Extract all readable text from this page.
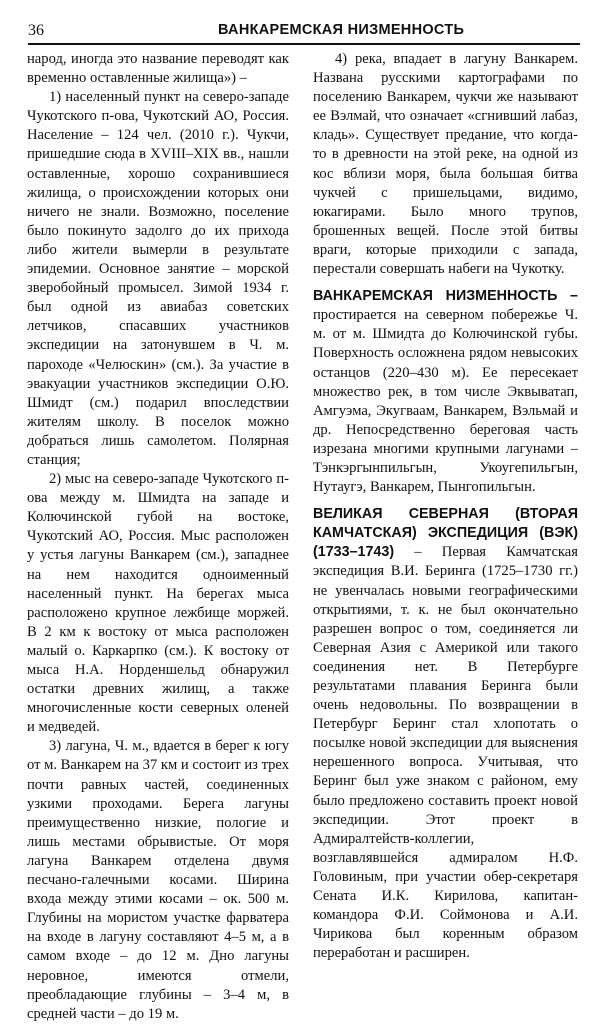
36	ВАНКАРЕМСКАЯ НИЗМЕННОСТЬ

народ, иногда это название переводят как временно оставленные жилища») –

1) населенный пункт на северо-западе Чукотского п-ова, Чукотский АО, Россия. Население – 124 чел. (2010 г.). Чукчи, пришедшие сюда в XVIII–XIX вв., нашли оставленные, хорошо сохранившиеся жилища, о происхождении которых они ничего не знали. Возможно, поселение было покинуто задолго до их прихода либо жители вымерли в результате эпидемии. Основное занятие – морской зверобойный промысел. Зимой 1934 г. был одной из авиабаз советских летчиков, спасавших участников экспедиции на затонувшем в Ч. м. пароходе «Челюскин» (см.). За участие в эвакуации участников экспедиции О.Ю. Шмидт (см.) подарил впоследствии жителям школу. В поселок можно добраться лишь самолетом. Полярная станция;

2) мыс на северо-западе Чукотского п-ова между м. Шмидта на западе и Колючинской губой на востоке, Чукотский АО, Россия. Мыс расположен у устья лагуны Ванкарем (см.), западнее на нем находится одноименный населенный пункт. На берегах мыса расположено крупное лежбище моржей. В 2 км к востоку от мыса расположен малый о. Каркарпко (см.). К востоку от мыса Н.А. Норденшельд обнаружил остатки древних жилищ, а также многочисленные кости северных оленей и медведей.

3) лагуна, Ч. м., вдается в берег к югу от м. Ванкарем на 37 км и состоит из трех почти равных частей, соединенных узкими проходами. Берега лагуны преимущественно низкие, пологие и лишь местами обрывистые. От моря лагуна Ванкарем отделена двумя песчано-галечными косами. Ширина входа между этими косами – ок. 500 м. Глубины на мористом участке фарватера на входе в лагуну составляют 4–5 м, а в самом входе – до 12 м. Дно лагуны неровное, имеются отмели, преобладающие глубины – 3–4 м, в средней части – до 19 м.

4) река, впадает в лагуну Ванкарем. Названа русскими картографами по поселению Ванкарем, чукчи же называют ее Вэлмай, что означает «сгнивший лабаз, кладь». Существует предание, что когда-то в древности на этой реке, на одной из кос вблизи моря, была большая битва чукчей с пришельцами, видимо, юкагирами. Было много трупов, брошенных вещей. После этой битвы враги, которые приходили с запада, перестали совершать набеги на Чукотку.

ВАНКАРЕМСКАЯ НИЗМЕННОСТЬ – простирается на северном побережье Ч. м. от м. Шмидта до Колючинской губы. Поверхность осложнена рядом невысоких останцов (220–430 м). Ее пересекает множество рек, в том числе Эквыватап, Амгуэма, Экугваам, Ванкарем, Вэльмай и др. Непосредственно береговая часть изрезана многими крупными лагунами – Тэнкэргынпильгын, Укоугепильгын, Нутаугэ, Ванкарем, Пынгопильгын.

ВЕЛИКАЯ СЕВЕРНАЯ (ВТОРАЯ КАМЧАТСКАЯ) ЭКСПЕДИЦИЯ (ВЭК) (1733–1743) – Первая Камчатская экспедиция В.И. Беринга (1725–1730 гг.) не увенчалась новыми географическими открытиями, т. к. не был окончательно разрешен вопрос о том, соединяется ли Северная Азия с Америкой или такого соединения нет. В Петербурге результатами плавания Беринга были очень недовольны. По возвращении в Петербург Беринг стал хлопотать о посылке новой экспедиции для выяснения нерешенного вопроса. Учитывая, что Беринг был уже знаком с районом, ему было предложено составить проект новой экспедиции. Этот проект в Адмиралтейств-коллегии, возглавлявшейся адмиралом Н.Ф. Головиным, при участии обер-секретаря Сената И.К. Кирилова, капитан-командора Ф.И. Соймонова и А.И. Чирикова был коренным образом переработан и расширен.
